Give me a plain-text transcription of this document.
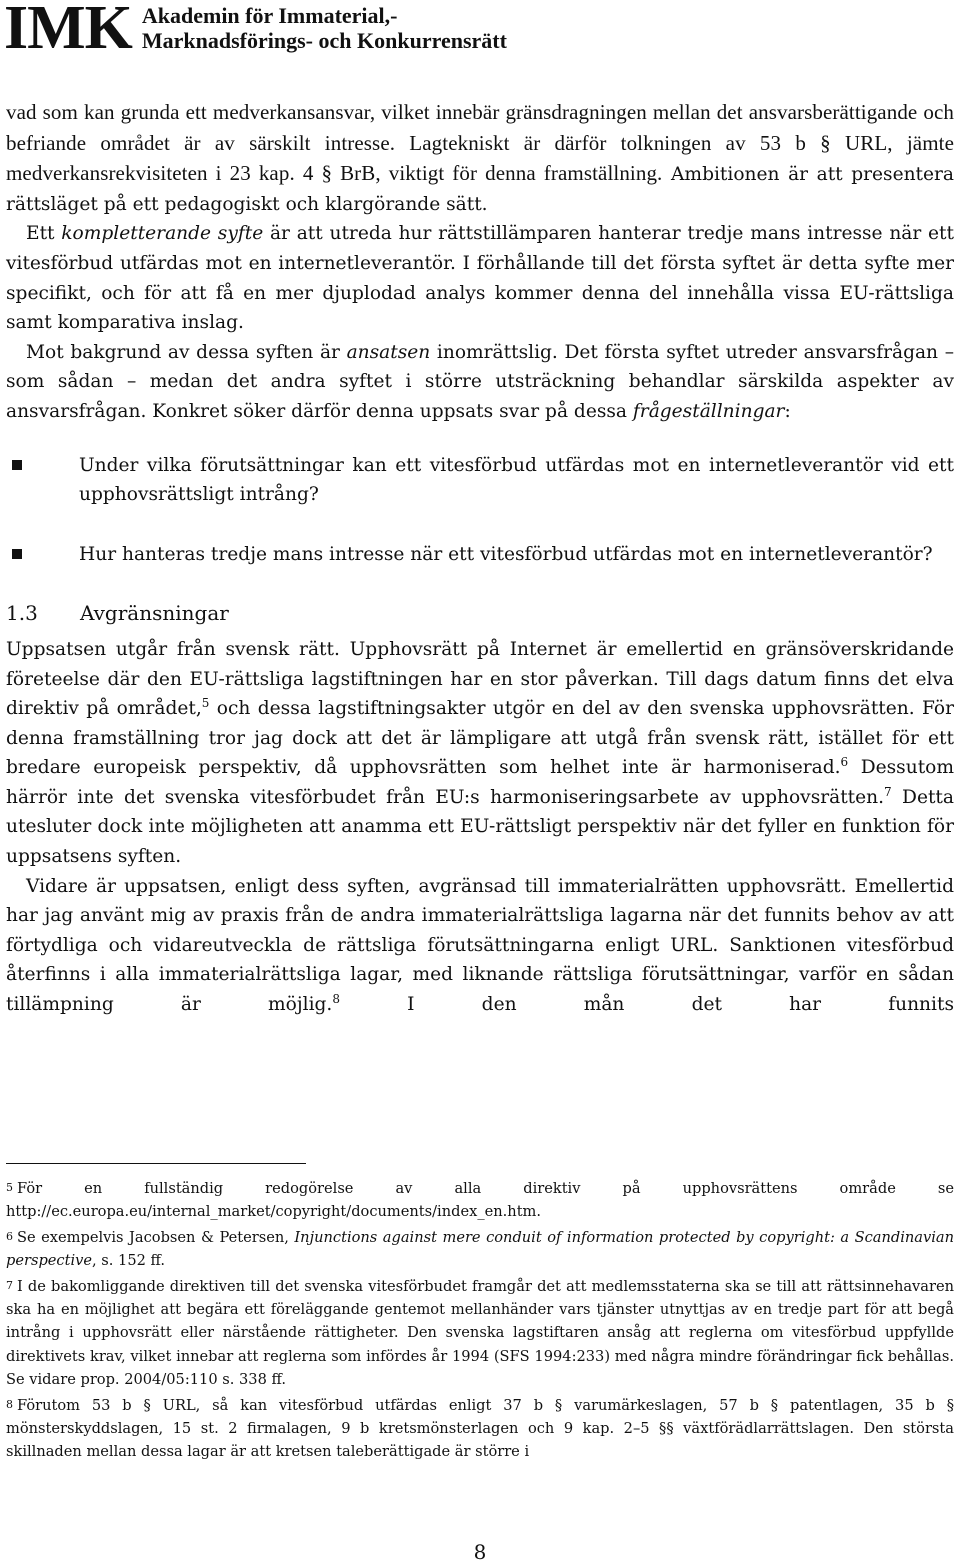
IMK Akademin för Immaterial,-
Marknadsförings- och Konkurrensrätt

vad som kan grunda ett medverkansansvar, vilket innebär gränsdragningen mellan det ansvarsberättigande och befriande området är av särskilt intresse. Lagtekniskt är därför tolkningen av 53 b § URL, jämte medverkansrekvisiteten i 23 kap. 4 § BrB, viktigt för denna framställning. Ambitionen är att presentera rättsläget på ett pedagogiskt och klargörande sätt.

Ett kompletterande syfte är att utreda hur rättstillämparen hanterar tredje mans intresse när ett vitesförbud utfärdas mot en internetleverantör. I förhållande till det första syftet är detta syfte mer specifikt, och för att få en mer djuplodad analys kommer denna del innehålla vissa EU-rättsliga samt komparativa inslag.

Mot bakgrund av dessa syften är ansatsen inomrättslig. Det första syftet utreder ansvarsfrågan – som sådan – medan det andra syftet i större utsträckning behandlar särskilda aspekter av ansvarsfrågan. Konkret söker därför denna uppsats svar på dessa frågeställningar:

Under vilka förutsättningar kan ett vitesförbud utfärdas mot en internetleverantör vid ett upphovsrättsligt intrång?
Hur hanteras tredje mans intresse när ett vitesförbud utfärdas mot en internetleverantör?
1.3	Avgränsningar

Uppsatsen utgår från svensk rätt. Upphovsrätt på Internet är emellertid en gränsöverskridande företeelse där den EU-rättsliga lagstiftningen har en stor påverkan. Till dags datum finns det elva direktiv på området,$^5$ och dessa lagstiftningsakter utgör en del av den svenska upphovsrätten. För denna framställning tror jag dock att det är lämpligare att utgå från svensk rätt, istället för ett bredare europeisk perspektiv, då upphovsrätten som helhet inte är harmoniserad.$^6$ Dessutom härrör inte det svenska vitesförbudet från EU:s harmoniseringsarbete av upphovsrätten.$^7$ Detta utesluter dock inte möjligheten att anamma ett EU-rättsligt perspektiv när det fyller en funktion för uppsatsens syften.

Vidare är uppsatsen, enligt dess syften, avgränsad till immaterialrätten upphovsrätt. Emellertid har jag använt mig av praxis från de andra immaterialrättsliga lagarna när det funnits behov av att förtydliga och vidareutveckla de rättsliga förutsättningarna enligt URL. Sanktionen vitesförbud återfinns i alla immaterialrättsliga lagar, med liknande rättsliga förutsättningar, varför en sådan tillämpning är möjlig.$^8$ I den mån det har funnits

$^5$ För en fullständig redogörelse av alla direktiv på upphovsrättens område se http://ec.europa.eu/internal_market/copyright/documents/index_en.htm.

$^6$ Se exempelvis Jacobsen & Petersen, Injunctions against mere conduit of information protected by copyright: a Scandinavian perspective, s. 152 ff.

$^7$ I de bakomliggande direktiven till det svenska vitesförbudet framgår det att medlemsstaterna ska se till att rättsinnehavaren ska ha en möjlighet att begära ett föreläggande gentemot mellanhänder vars tjänster utnyttjas av en tredje part för att begå intrång i upphovsrätt eller närstående rättigheter. Den svenska lagstiftaren ansåg att reglerna om vitesförbud uppfyllde direktivets krav, vilket innebar att reglerna som infördes år 1994 (SFS 1994:233) med några mindre förändringar fick behållas. Se vidare prop. 2004/05:110 s. 338 ff.

$^8$ Förutom 53 b § URL, så kan vitesförbud utfärdas enligt 37 b § varumärkeslagen, 57 b § patentlagen, 35 b § mönsterskyddslagen, 15 st. 2 firmalagen, 9 b kretsmönsterlagen och 9 kap. 2–5 §§ växtförädlarrättslagen. Den största skillnaden mellan dessa lagar är att kretsen taleberättigade är större i

8
